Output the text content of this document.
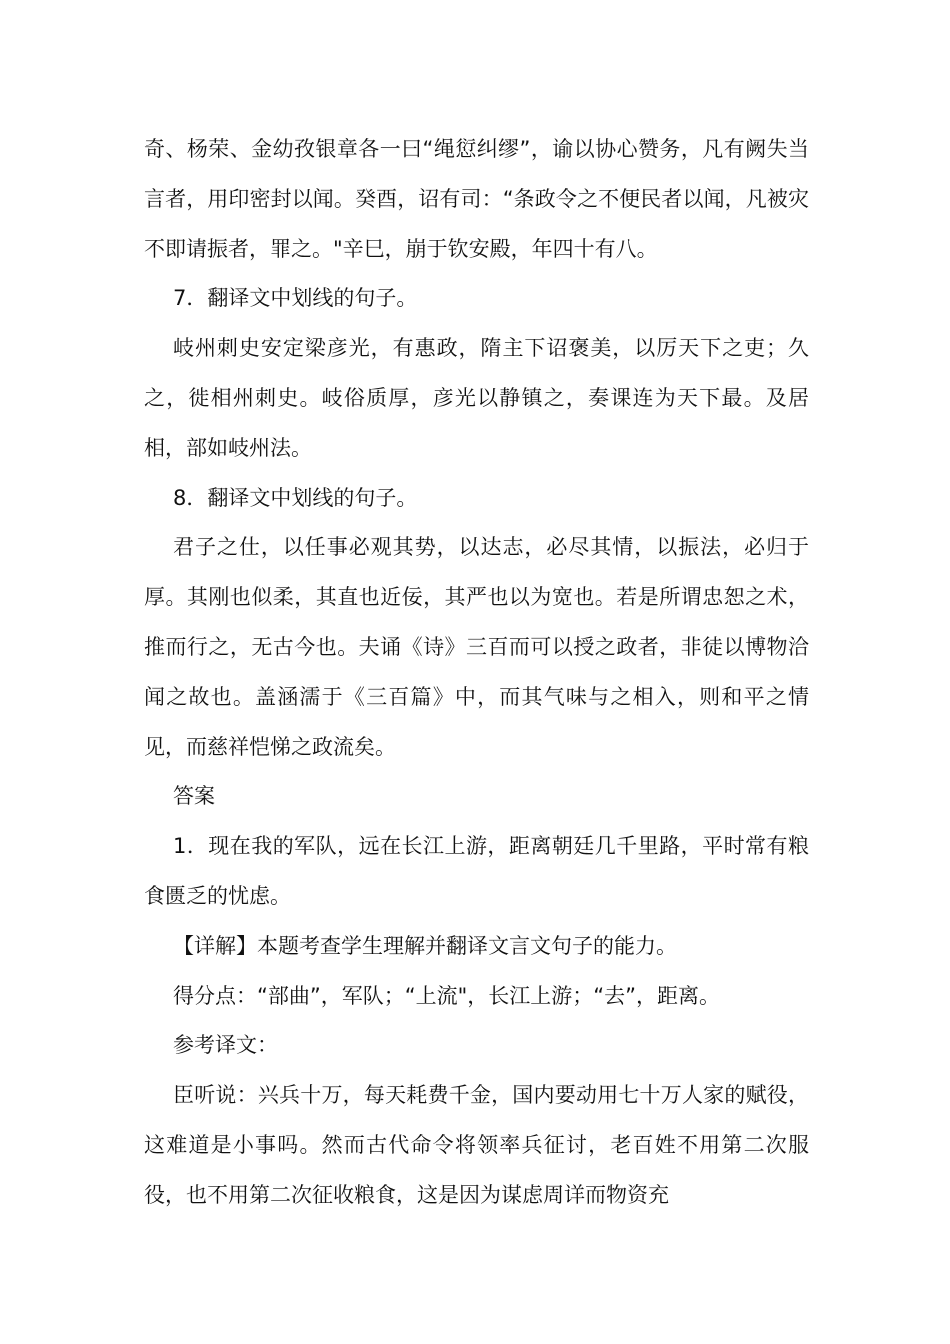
奇、杨荣、金幼孜银章各一曰“绳愆纠缪”，谕以协心赞务，凡有阙失当言者，用印密封以闻。癸酉，诏有司：“条政令之不便民者以闻，凡被灾不即请振者，罪之。"辛巳，崩于钦安殿，年四十有八。

7．翻译文中划线的句子。

岐州刺史安定梁彦光，有惠政，隋主下诏褒美，以厉天下之吏；久之，徙相州刺史。岐俗质厚，彦光以静镇之，奏课连为天下最。及居相，部如岐州法。

8．翻译文中划线的句子。

君子之仕，以任事必观其势，以达志，必尽其情，以振法，必归于厚。其刚也似柔，其直也近佞，其严也以为宽也。若是所谓忠恕之术，推而行之，无古今也。夫诵《诗》三百而可以授之政者，非徒以博物洽闻之故也。盖涵濡于《三百篇》中，而其气味与之相入，则和平之情见，而慈祥恺悌之政流矣。

答案

1．现在我的军队，远在长江上游，距离朝廷几千里路，平时常有粮食匮乏的忧虑。

【详解】本题考查学生理解并翻译文言文句子的能力。

得分点：“部曲”，军队；“上流"，长江上游；“去”，距离。

参考译文：

臣听说：兴兵十万，每天耗费千金，国内要动用七十万人家的赋役，这难道是小事吗。然而古代命令将领率兵征讨，老百姓不用第二次服役，也不用第二次征收粮食，这是因为谋虑周详而物资充
